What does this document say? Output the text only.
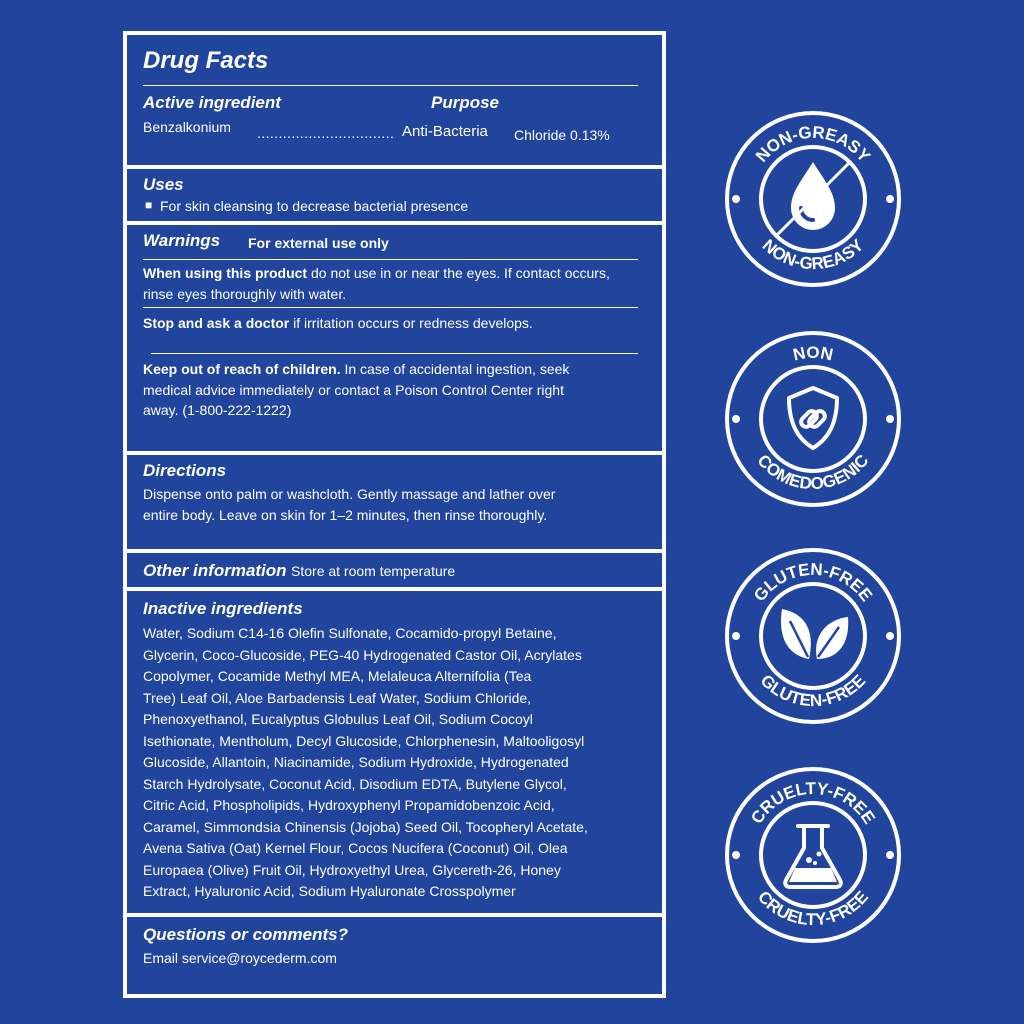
Drug Facts
Active ingredient	Purpose
Benzalkonium ................................ Anti-Bacteria Chloride 0.13%
Uses
■ For skin cleansing to decrease bacterial presence
Warnings For external use only
When using this product do not use in or near the eyes. If contact occurs,
rinse eyes thoroughly with water.
Stop and ask a doctor if irritation occurs or redness develops.
Keep out of reach of children. In case of accidental ingestion, seek
medical advice immediately or contact a Poison Control Center right
away. (1-800-222-1222)
Directions
Dispense onto palm or washcloth. Gently massage and lather over
entire body. Leave on skin for 1–2 minutes, then rinse thoroughly.
Other information Store at room temperature
Inactive ingredients
Water, Sodium C14-16 Olefin Sulfonate, Cocamido-propyl Betaine,
Glycerin, Coco-Glucoside, PEG-40 Hydrogenated Castor Oil, Acrylates
Copolymer, Cocamide Methyl MEA, Melaleuca Alternifolia (Tea
Tree) Leaf Oil, Aloe Barbadensis Leaf Water, Sodium Chloride,
Phenoxyethanol, Eucalyptus Globulus Leaf Oil, Sodium Cocoyl
Isethionate, Mentholum, Decyl Glucoside, Chlorphenesin, Maltooligosyl
Glucoside, Allantoin, Niacinamide, Sodium Hydroxide, Hydrogenated
Starch Hydrolysate, Coconut Acid, Disodium EDTA, Butylene Glycol,
Citric Acid, Phospholipids, Hydroxyphenyl Propamidobenzoic Acid,
Caramel, Simmondsia Chinensis (Jojoba) Seed Oil, Tocopheryl Acetate,
Avena Sativa (Oat) Kernel Flour, Cocos Nucifera (Coconut) Oil, Olea
Europaea (Olive) Fruit Oil, Hydroxyethyl Urea, Glycereth-26, Honey
Extract, Hyaluronic Acid, Sodium Hyaluronate Crosspolymer
Questions or comments?
Email service@roycederm.com
NON-GREASY
NON-GREASY
NON
COMEDOGENIC
GLUTEN-FREE
GLUTEN-FREE
CRUELTY-FREE
CRUELTY-FREE
